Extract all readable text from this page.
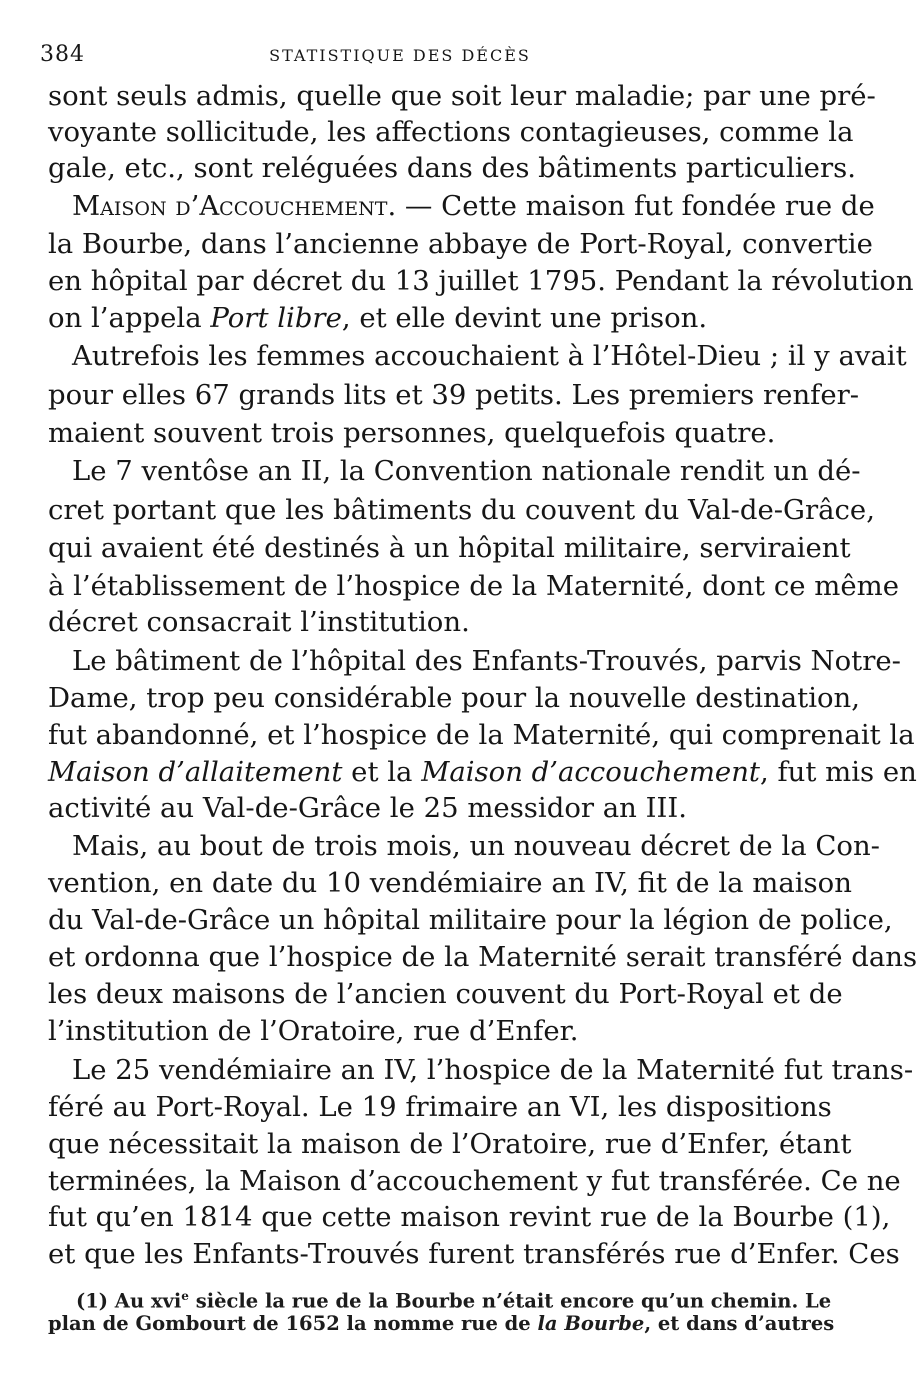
384	STATISTIQUE DES DÉCÈS
sont seuls admis, quelle que soit leur maladie; par une pré-
voyante sollicitude, les affections contagieuses, comme la
gale, etc., sont reléguées dans des bâtiments particuliers.
Maison d’Accouchement. — Cette maison fut fondée rue de
la Bourbe, dans l’ancienne abbaye de Port-Royal, convertie
en hôpital par décret du 13 juillet 1795. Pendant la révolution
on l’appela Port libre, et elle devint une prison.
Autrefois les femmes accouchaient à l’Hôtel-Dieu ; il y avait
pour elles 67 grands lits et 39 petits. Les premiers renfer-
maient souvent trois personnes, quelquefois quatre.
Le 7 ventôse an II, la Convention nationale rendit un dé-
cret portant que les bâtiments du couvent du Val-de-Grâce,
qui avaient été destinés à un hôpital militaire, serviraient
à l’établissement de l’hospice de la Maternité, dont ce même
décret consacrait l’institution.
Le bâtiment de l’hôpital des Enfants-Trouvés, parvis Notre-
Dame, trop peu considérable pour la nouvelle destination,
fut abandonné, et l’hospice de la Maternité, qui comprenait la
Maison d’allaitement et la Maison d’accouchement, fut mis en
activité au Val-de-Grâce le 25 messidor an III.
Mais, au bout de trois mois, un nouveau décret de la Con-
vention, en date du 10 vendémiaire an IV, fit de la maison
du Val-de-Grâce un hôpital militaire pour la légion de police,
et ordonna que l’hospice de la Maternité serait transféré dans
les deux maisons de l’ancien couvent du Port-Royal et de
l’institution de l’Oratoire, rue d’Enfer.
Le 25 vendémiaire an IV, l’hospice de la Maternité fut trans-
féré au Port-Royal. Le 19 frimaire an VI, les dispositions
que nécessitait la maison de l’Oratoire, rue d’Enfer, étant
terminées, la Maison d’accouchement y fut transférée. Ce ne
fut qu’en 1814 que cette maison revint rue de la Bourbe (1),
et que les Enfants-Trouvés furent transférés rue d’Enfer. Ces
(1) Au xvi$^e$ siècle la rue de la Bourbe n’était encore qu’un chemin. Le
plan de Gombourt de 1652 la nomme rue de la Bourbe, et dans d’autres
